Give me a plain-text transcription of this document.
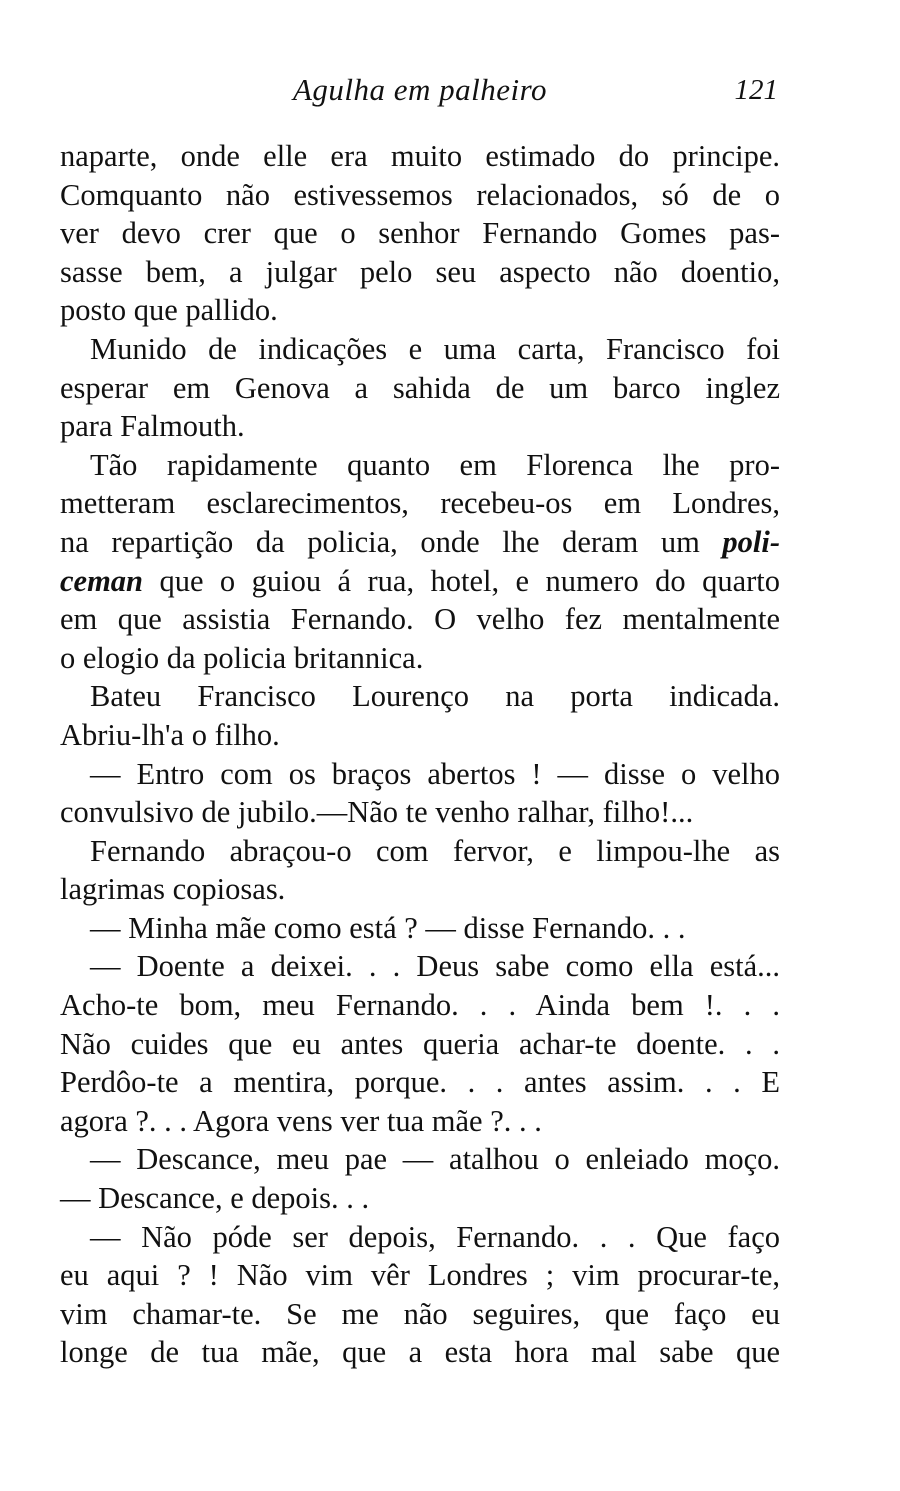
Agulha em palheiro	121
naparte, onde elle era muito estimado do principe.
Comquanto não estivessemos relacionados, só de o
ver devo crer que o senhor Fernando Gomes pas-
sasse bem, a julgar pelo seu aspecto não doentio,
posto que pallido.
Munido de indicações e uma carta, Francisco foi
esperar em Genova a sahida de um barco inglez
para Falmouth.
Tão rapidamente quanto em Florenca lhe pro-
metteram esclarecimentos, recebeu-os em Londres,
na repartição da policia, onde lhe deram um poli-
ceman que o guiou á rua, hotel, e numero do quarto
em que assistia Fernando. O velho fez mentalmente
o elogio da policia britannica.
Bateu Francisco Lourenço na porta indicada.
Abriu-lh'a o filho.
— Entro com os braços abertos ! — disse o velho
convulsivo de jubilo.—Não te venho ralhar, filho!...
Fernando abraçou-o com fervor, e limpou-lhe as
lagrimas copiosas.
— Minha mãe como está ? — disse Fernando. . .
— Doente a deixei. . . Deus sabe como ella está...
Acho-te bom, meu Fernando. . . Ainda bem !. . .
Não cuides que eu antes queria achar-te doente. . .
Perdôo-te a mentira, porque. . . antes assim. . . E
agora ?. . . Agora vens ver tua mãe ?. . .
— Descance, meu pae — atalhou o enleiado moço.
— Descance, e depois. . .
— Não póde ser depois, Fernando. . . Que faço
eu aqui ? ! Não vim vêr Londres ; vim procurar-te,
vim chamar-te. Se me não seguires, que faço eu
longe de tua mãe, que a esta hora mal sabe que
